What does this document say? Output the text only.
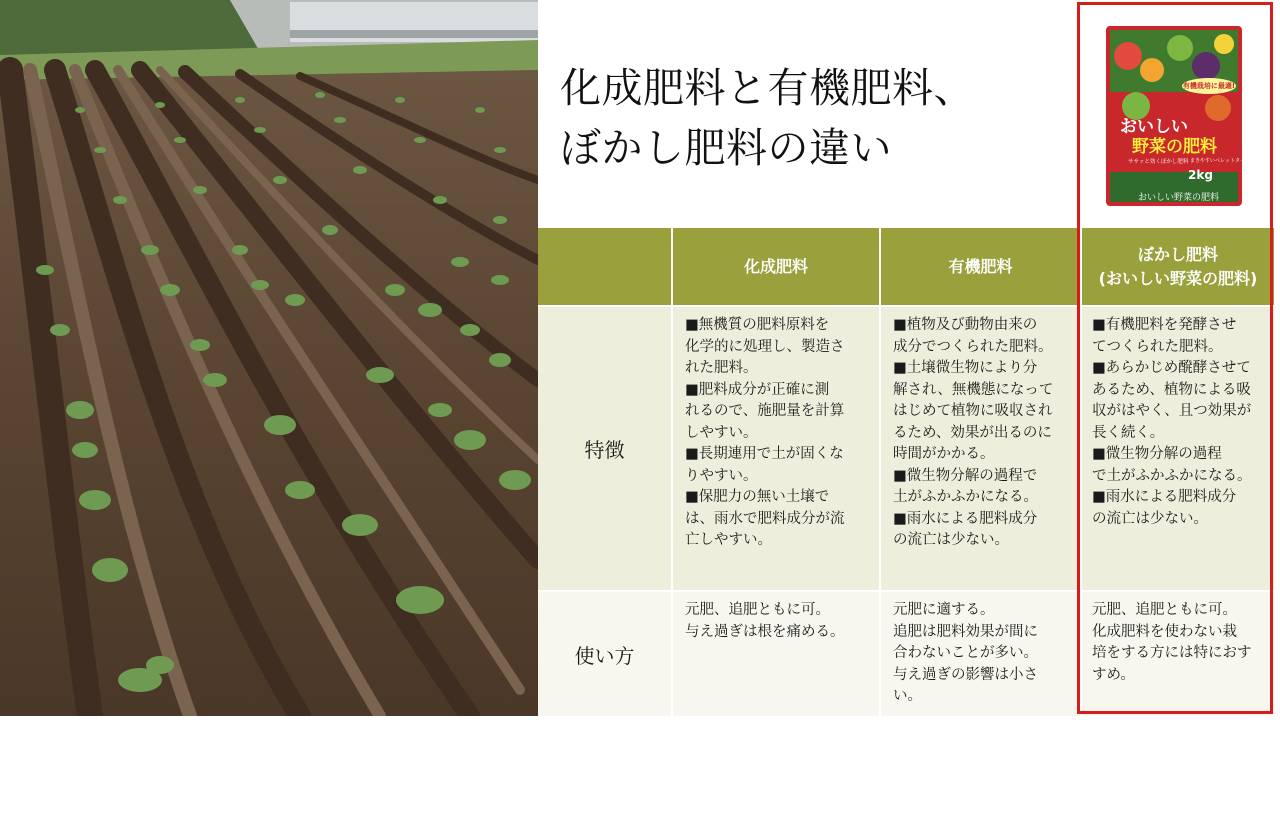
化成肥料と有機肥料、
ぼかし肥料の違い
有機栽培に最適!
おいしい
野菜の肥料
ササッと効くぼかし肥料 まきやすいペレットタイプ
2kg
おいしい野菜の肥料
化成肥料	有機肥料
ぼかし肥料
(おいしい野菜の肥料)
特徴
■無機質の肥料原料を
化学的に処理し、製造さ
れた肥料。
■肥料成分が正確に測
れるので、施肥量を計算
しやすい。
■長期連用で土が固くな
りやすい。
■保肥力の無い土壌で
は、雨水で肥料成分が流
亡しやすい。
■植物及び動物由来の
成分でつくられた肥料。
■土壌微生物により分
解され、無機態になって
はじめて植物に吸収され
るため、効果が出るのに
時間がかかる。
■微生物分解の過程で
土がふかふかになる。
■雨水による肥料成分
の流亡は少ない。
■有機肥料を発酵させ
てつくられた肥料。
■あらかじめ醗酵させて
あるため、植物による吸
収がはやく、且つ効果が
長く続く。
■微生物分解の過程
で土がふかふかになる。
■雨水による肥料成分
の流亡は少ない。
使い方
元肥、追肥ともに可。
与え過ぎは根を痛める。
元肥に適する。
追肥は肥料効果が間に
合わないことが多い。
与え過ぎの影響は小さ
い。
元肥、追肥ともに可。
化成肥料を使わない栽
培をする方には特におす
すめ。
